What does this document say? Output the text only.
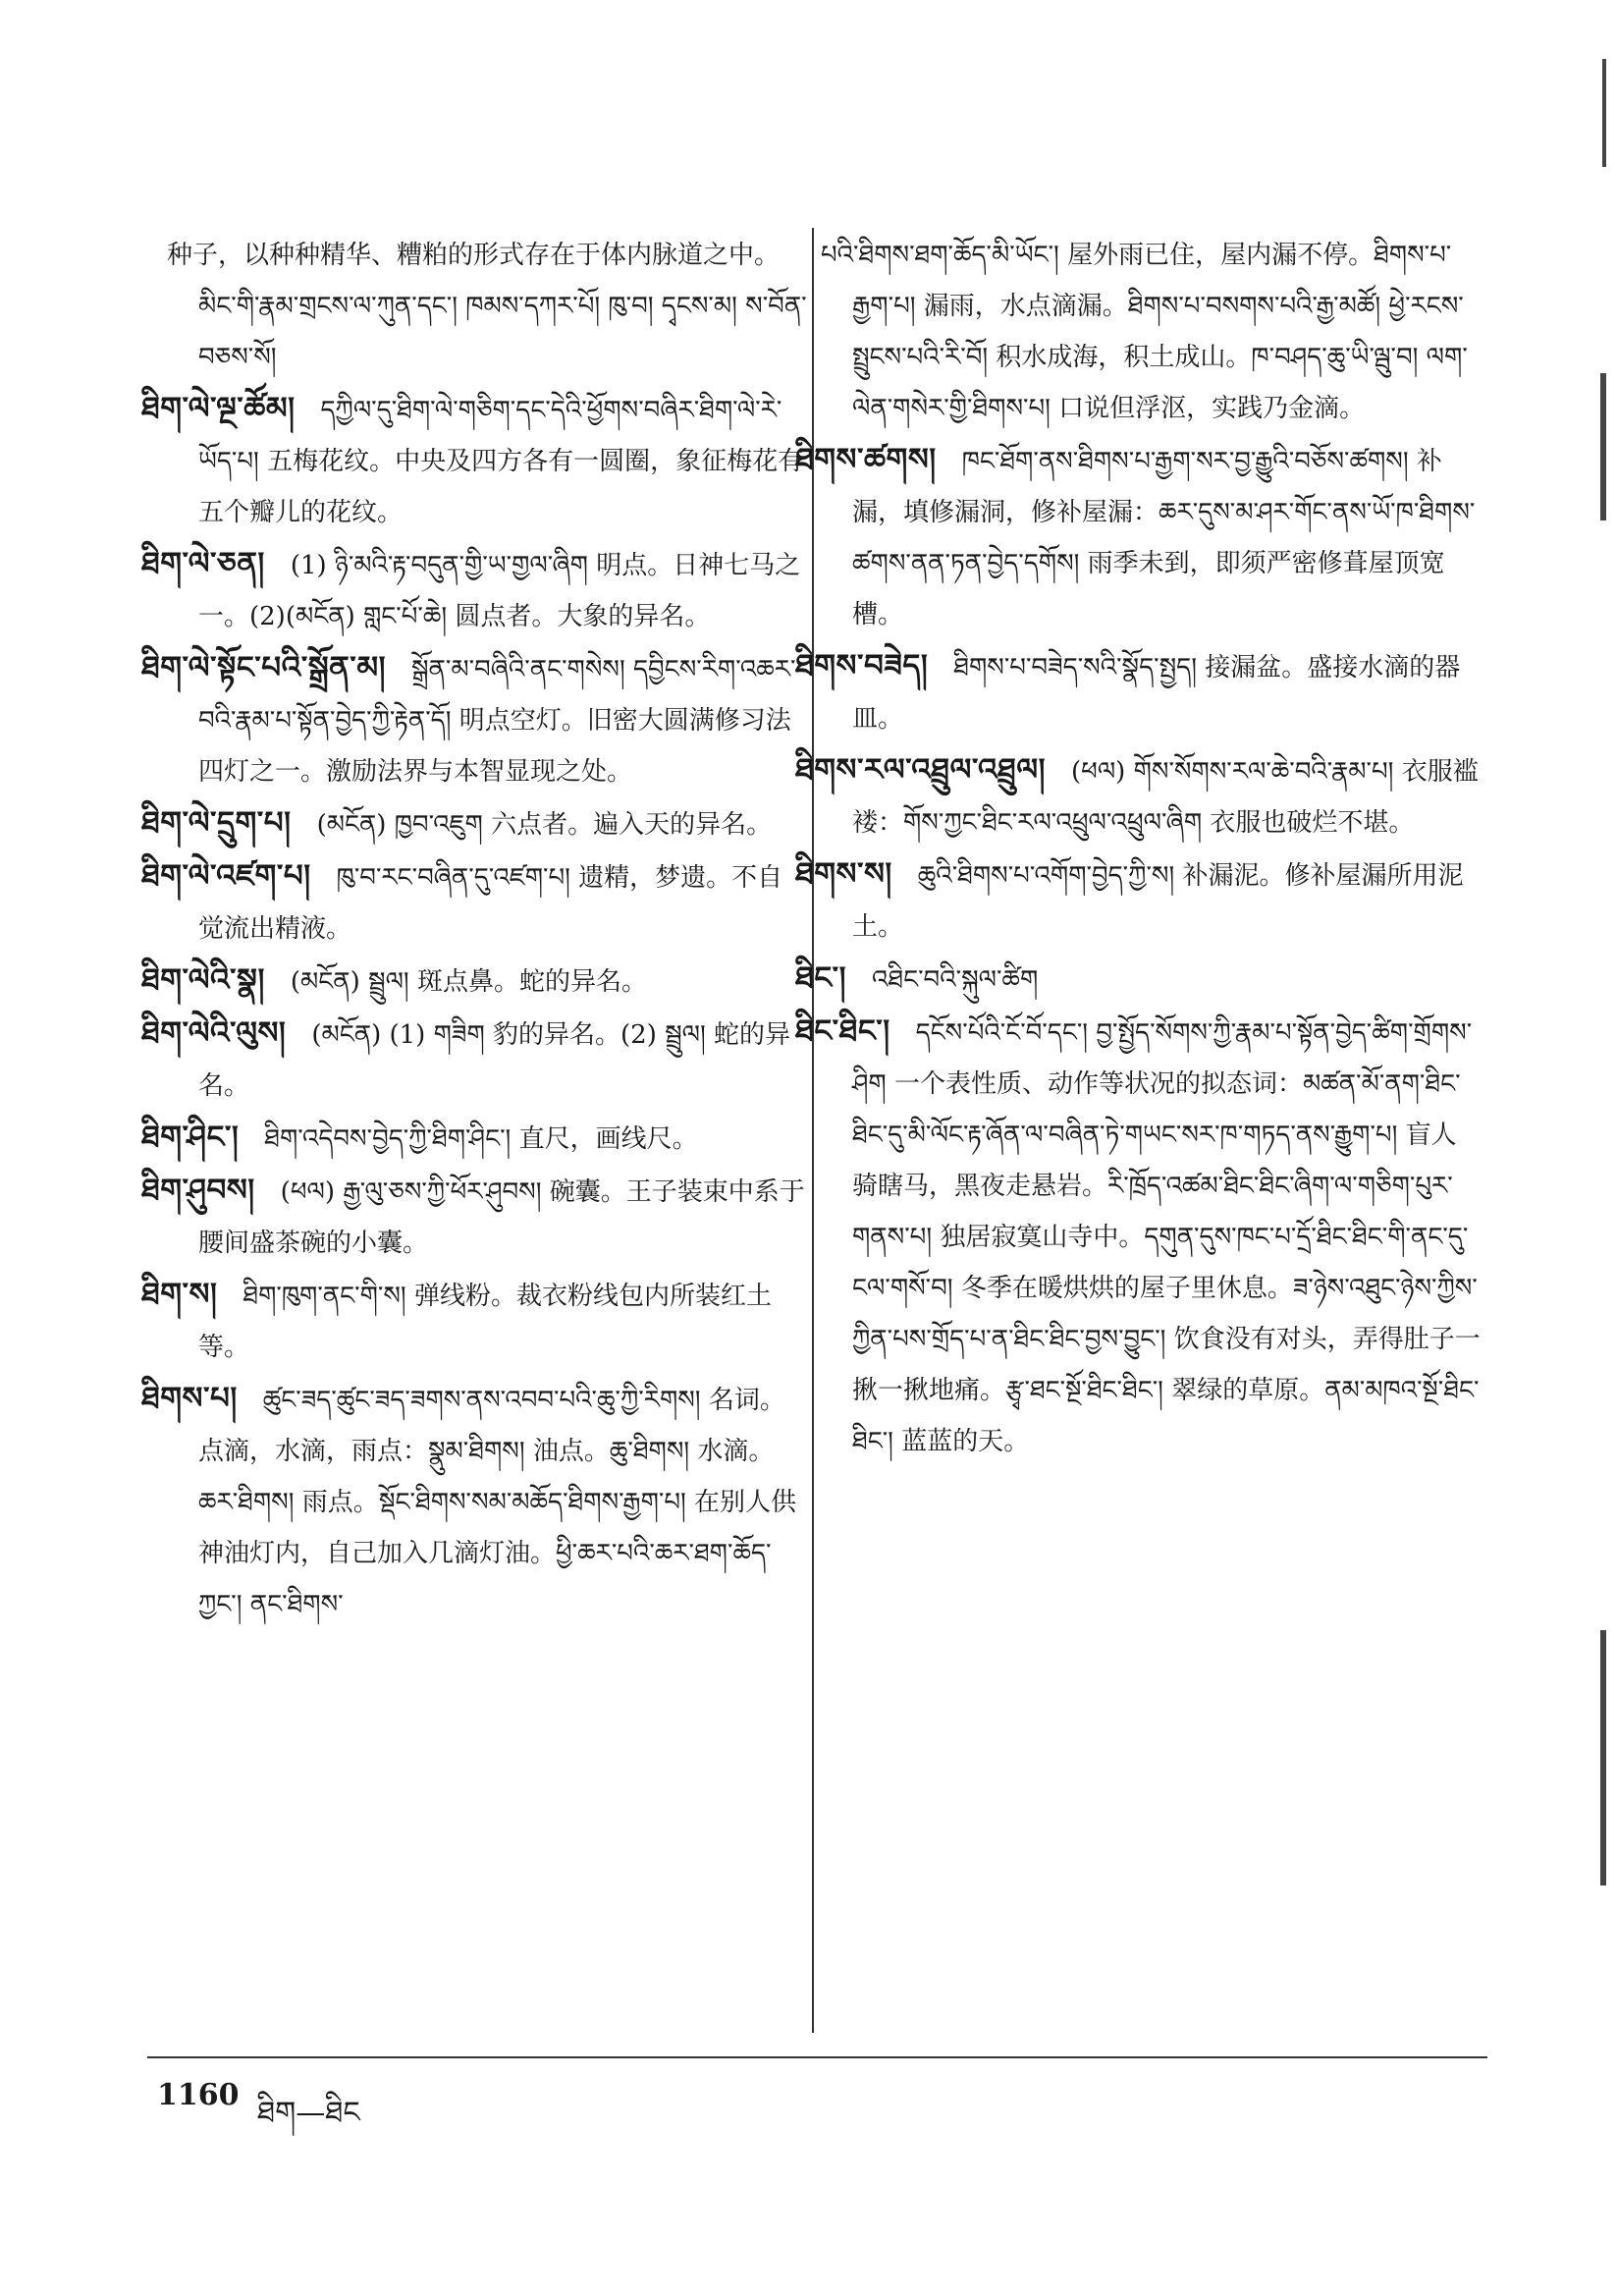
种子，以种种精华、糟粕的形式存在于体内脉道之中。མིང་གི་རྣམ་གྲངས་ལ་ཀུན་དང་། ཁམས་དཀར་པོ། ཁུ་བ། དྭངས་མ། ས་བོན་བཅས་སོ།

ཐིག་ལེ་ལྔ་ཚོམ། དཀྱིལ་དུ་ཐིག་ལེ་གཅིག་དང་དེའི་ཕྱོགས་བཞིར་ཐིག་ལེ་རེ་ཡོད་པ། 五梅花纹。中央及四方各有一圆圈，象征梅花有五个瓣儿的花纹。

ཐིག་ལེ་ཅན། (1) ཉི་མའི་རྟ་བདུན་གྱི་ཡ་གྱལ་ཞིག 明点。日神七马之一。(2)(མངོན) གླང་པོ་ཆེ། 圆点者。大象的异名。

ཐིག་ལེ་སྟོང་པའི་སྒྲོན་མ། སྒྲོན་མ་བཞིའི་ནང་གསེས། དབྱིངས་རིག་འཆར་བའི་རྣམ་པ་སྟོན་བྱེད་ཀྱི་རྟེན་དོ། 明点空灯。旧密大圆满修习法四灯之一。激励法界与本智显现之处。

ཐིག་ལེ་དྲུག་པ། (མངོན) ཁྱབ་འཇུག 六点者。遍入天的异名。

ཐིག་ལེ་འཛག་པ། ཁུ་བ་རང་བཞིན་དུ་འཛག་པ། 遗精，梦遗。不自觉流出精液。

ཐིག་ལེའི་སྣ། (མངོན) སྦྲུལ། 斑点鼻。蛇的异名。

ཐིག་ལེའི་ལུས། (མངོན) (1) གཟིག 豹的异名。(2) སྦྲུལ། 蛇的异名。

ཐིག་ཤིང་། ཐིག་འདེབས་བྱེད་ཀྱི་ཐིག་ཤིང་། 直尺，画线尺。

ཐིག་ཤུབས། (ཕལ) རྒྱ་ལུ་ཅས་ཀྱི་ཕོར་ཤུབས། 碗囊。王子装束中系于腰间盛茶碗的小囊。

ཐིག་ས། ཐིག་ཁུག་ནང་གི་ས། 弹线粉。裁衣粉线包内所装红土等。

ཐིགས་པ། ཚུང་ཟད་ཚུང་ཟད་ཟགས་ནས་འབབ་པའི་ཆུ་ཀྱི་རིགས། 名词。点滴，水滴，雨点：སྣུམ་ཐིགས། 油点。ཆུ་ཐིགས། 水滴。ཆར་ཐིགས། 雨点。སྡོང་ཐིགས་སམ་མཆོད་ཐིགས་རྒྱག་པ། 在别人供神油灯内，自己加入几滴灯油。ཕྱི་ཆར་པའི་ཆར་ཐག་ཆོད་ཀྱང་། ནང་ཐིགས་

པའི་ཐིགས་ཐག་ཆོད་མི་ཡོང་། 屋外雨已住，屋内漏不停。ཐིགས་པ་རྒྱག་པ། 漏雨，水点滴漏。ཐིགས་པ་བསགས་པའི་རྒྱ་མཚོ། ཕྱེ་རངས་སྤྲུངས་པའི་རི་བོ། 积水成海，积土成山。ཁ་བཤད་ཆུ་ཡི་ལྦུ་བ། ལག་ལེན་གསེར་གྱི་ཐིགས་པ། 口说但浮沤，实践乃金滴。

ཐིགས་ཚགས། ཁང་ཐོག་ནས་ཐིགས་པ་རྒྱག་སར་བྱ་རྒྱུའི་བཅོས་ཚགས། 补漏，填修漏洞，修补屋漏：ཆར་དུས་མ་ཤར་གོང་ནས་ཡོ་ཁ་ཐིགས་ཚགས་ནན་ཏན་བྱེད་དགོས། 雨季未到，即须严密修葺屋顶宽槽。

ཐིགས་བཟེད། ཐིགས་པ་བཟེད་སའི་སྣོད་སྤྱད། 接漏盆。盛接水滴的器皿。

ཐིགས་རལ་འཐྲུལ་འཐྲུལ། (ཕལ) གོས་སོགས་རལ་ཆེ་བའི་རྣམ་པ། 衣服褴褛：གོས་ཀྱང་ཐིང་རལ་འཕྲུལ་འཕྲུལ་ཞིག 衣服也破烂不堪。

ཐིགས་ས། ཆུའི་ཐིགས་པ་འགོག་བྱེད་ཀྱི་ས། 补漏泥。修补屋漏所用泥土。

ཐིང་། འཐིང་བའི་སྐུལ་ཚིག

ཐིང་ཐིང་། དངོས་པོའི་ངོ་བོ་དང་། བྱ་སྤྱོད་སོགས་ཀྱི་རྣམ་པ་སྟོན་བྱེད་ཚིག་གྲོགས་ཤིག 一个表性质、动作等状况的拟态词：མཚན་མོ་ནག་ཐིང་ཐིང་དུ་མི་ལོང་རྟ་ཞོན་ལ་བཞིན་ཏེ་གཡང་སར་ཁ་གཏད་ནས་རྒྱུག་པ། 盲人骑瞎马，黑夜走悬岩。རི་ཁྲོད་འཚམ་ཐིང་ཐིང་ཞིག་ལ་གཅིག་པུར་གནས་པ། 独居寂寞山寺中。དགུན་དུས་ཁང་པ་དྲོ་ཐིང་ཐིང་གི་ནང་དུ་ངལ་གསོ་བ། 冬季在暖烘烘的屋子里休息。ཟ་ཉེས་འཐུང་ཉེས་ཀྱིས་ཀྱིན་པས་གྲོད་པ་ན་ཐིང་ཐིང་བྱས་བྱུང་། 饮食没有对头，弄得肚子一揪一揪地痛。རྩྭ་ཐང་སྔོ་ཐིང་ཐིང་། 翠绿的草原。ནམ་མཁའ་སྔོ་ཐིང་ཐིང་། 蓝蓝的天。

1160
ཐིག—ཐིང
